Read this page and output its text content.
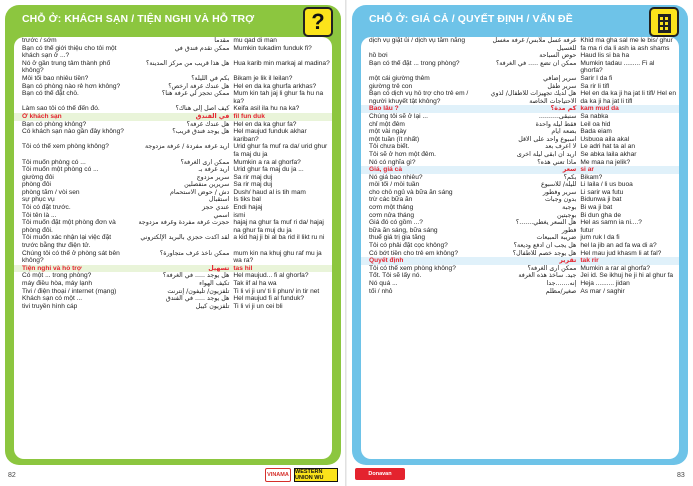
CHỖ Ở: KHÁCH SẠN / TIỆN NGHI VÀ HỖ TRỢ	?
trước / sớm	مقدما	mu qad di man
Bạn có thể giới thiệu cho tôi một khách sạn ở ...?	ممكن تقدم فندق في	Mumkin tukadim funduk fi?
Nó ở gần trung tâm thành phố không?	هل هذا قريب من مركز المدينة؟	Hua karib min markaj al madina?
Mỗi tối bao nhiêu tiền?	بكم في الليلة؟	Bikam je lik il leilan?
Bạn có phòng nào rẻ hơn không?	هل عندك غرفة أرخص؟	Hel en da ka ghurfa arkhas?
Bạn có thể đặt chỗ.	ممكن تحجز لي غرفة هنا؟	Mum kin tah jaj li ghur fa hu na ka?
Làm sao tôi có thể đến đó.	كيف أصل إلى هناك؟	Keifa asil ila hu na ka?
Ở khách sạn	في الفندق	fil fun duk
Bạn có phòng không?	هل عندك غرفة؟	Hel en da ka ghur fa?
Có khách sạn nào gần đây không?	هل يوجد فندق قريب؟	Hel maujud funduk akhar kariban?
Tôi có thể xem phòng không?	أريد غرفة مفردة / غرفة مزدوجة	Urid ghur fa muf ra da/ urid ghur fa maj du ja
Tôi muốn phòng có ...	ممكن أرى الغرفة؟	Mumkin a ra al ghorfa?
Tôi muốn một phòng có ...	أريد غرفة بـ	Urid ghur fa maj du ja ...
giường đôi	سرير مزدوج	Sa rir maj duj
phòng đôi	سريرين منفصلين	Sa rir maj duj
phòng tắm / vòi sen	دش / حوض الاستحمام	Dush/ haud al is tih mam
sự phục vụ	استقبال	Is tiks bal
Tôi có đặt trước.	عندي حجز	Endi hajaj
Tôi tên là ...	اسمي	ismi
Tôi muốn đặt một phòng đơn và phòng đôi.	حجزت غرفة مفردة وغرفة مزدوجة	hajaj na ghur fa muf ri da/ hajaj na ghur fa muj du ja
Tôi muốn xác nhận lại việc đặt trước bằng thư điện tử.	لقد أكدت حجزي بالبريد الإلكتروني	a kid haj ji bi al ba rid il likt ru ni
Chúng tôi có thể ở phòng sát bên không?	ممكن نأخذ غرف متجاورة؟	mum kin na khuj ghu raf mu ja wa ra?
Tiện nghi và hỗ trợ	تسهيل	tas hil
Có một ... trong phòng?	هل يوجد ..... في الغرفة؟	Hel maujud... fi al ghorfa?
máy điều hòa, máy lạnh	تكيف الهواء	Tak iif al ha wa
Tivi / điện thoại / internet (mạng)	تلفزيون/ تليفون/ إنترنت	Ti li vi ji un/ ti li phun/ in tir net
Khách sạn có một ...	هل يوجد ..... في الفندق	Hel maujud fi al funduk?
tivi truyền hình cáp	تلفزيون كيبل	Ti li vi ji un cei bli
82	VINAMA	WESTERN UNION WU
CHỖ Ở: GIÁ CẢ / QUYẾT ĐỊNH / VẤN ĐỀ
dịch vụ giặt ủi / dịch vụ tắm nắng	غرفة غسل ملابس/ غرفة مغسل للغسيل	Khid ma gha sal me le bis/ ghur fa ma ri da li ash ia ash shams
hồ bơi	حوض السباحة	Haud lis si ba ha
Bạn có thể đặt ... trong phòng?	ممكن أن تضع ..... في الغرفة؟	Mumkin tadau ......... Fi al ghorfa?
một cái giường thêm	سرير إضافي	Sarir I da fi
giường trẻ con	سرير طفل	Sa rir li tifl
Bạn có dịch vụ hỗ trợ cho trẻ em / người khuyết tật không?	هل لديك تجهيزات للأطفال/ لذوي الاحتياجات الخاصة	Hel en da ka ji ha jat li tifl/ Hel en da ka ji ha jat li tifl
Bao lâu ?	كم مدة؟	kam mud da
Chúng tôi sẽ ở lại ...	سنبقى..........	Sa nabka
chỉ một đêm	فقط ليلة واحدة	Leil oa hid
một vài ngày	بضعة أيام	Bada eiam
một tuần (ít nhất)	أسبوع واحد على الأقل	Usbuoa aila akal
Tôi chưa biết.	لا أعرف بعد	Le adri hat ta al an
Tôi sẽ ở hơn một đêm.	أريد أن أبقى ليلة أخرى	Se abka laila akhar
Nó có nghĩa gì?	ماذا تعني هذه؟	Me maa na jelik?
Giá, giá cả	سعر	si ar
Nó giá bao nhiêu?	بكم؟	Bikam?
mỗi tối / mỗi tuần	لليلة/ للأسبوع	Li laila / li us buoa
cho chỗ ngủ và bữa ăn sáng	سرير وفطور	Li sarir wa futu
trừ các bữa ăn	بدون وجبات	Bidunwa ji bat
cơm một tháng	بوجبة	Bi wa ji bat
cơm nửa tháng	بوجبتين	Bi dun gha de
Giá đó có gồm ...?	هل السعر يغطي.......؟	Hel as samn ia ni....?
bữa ăn sáng, bữa sáng	فطور	futur
thuế giá trị gia tăng	ضريبة المبيعات	jum ruk l da fi
Tôi có phải đặt cọc không?	هل يجب أن أدفع وديعة؟	hel la jib an ad fa wa di a?
Có bớt tiền cho trẻ em không?	هل يوجد خصم للأطفال؟	Hel mau jud khasm li at fal?
Quyết định	تقرير	tak rir
Tôi có thể xem phòng không?	ممكن أرى الغرفة؟	Mumkin a rar al ghorfa?
Tốt. Tôi sẽ lấy nó.	جيد. سآخذ هذه الغرفة	Jei id. Se ikhuj he ji hi al ghur fa
Nó quá ...	إنه.......جدا	Heja .......... jidan
tối / nhỏ	صغير/مظلم	As mar / saghir
Donavan	83
